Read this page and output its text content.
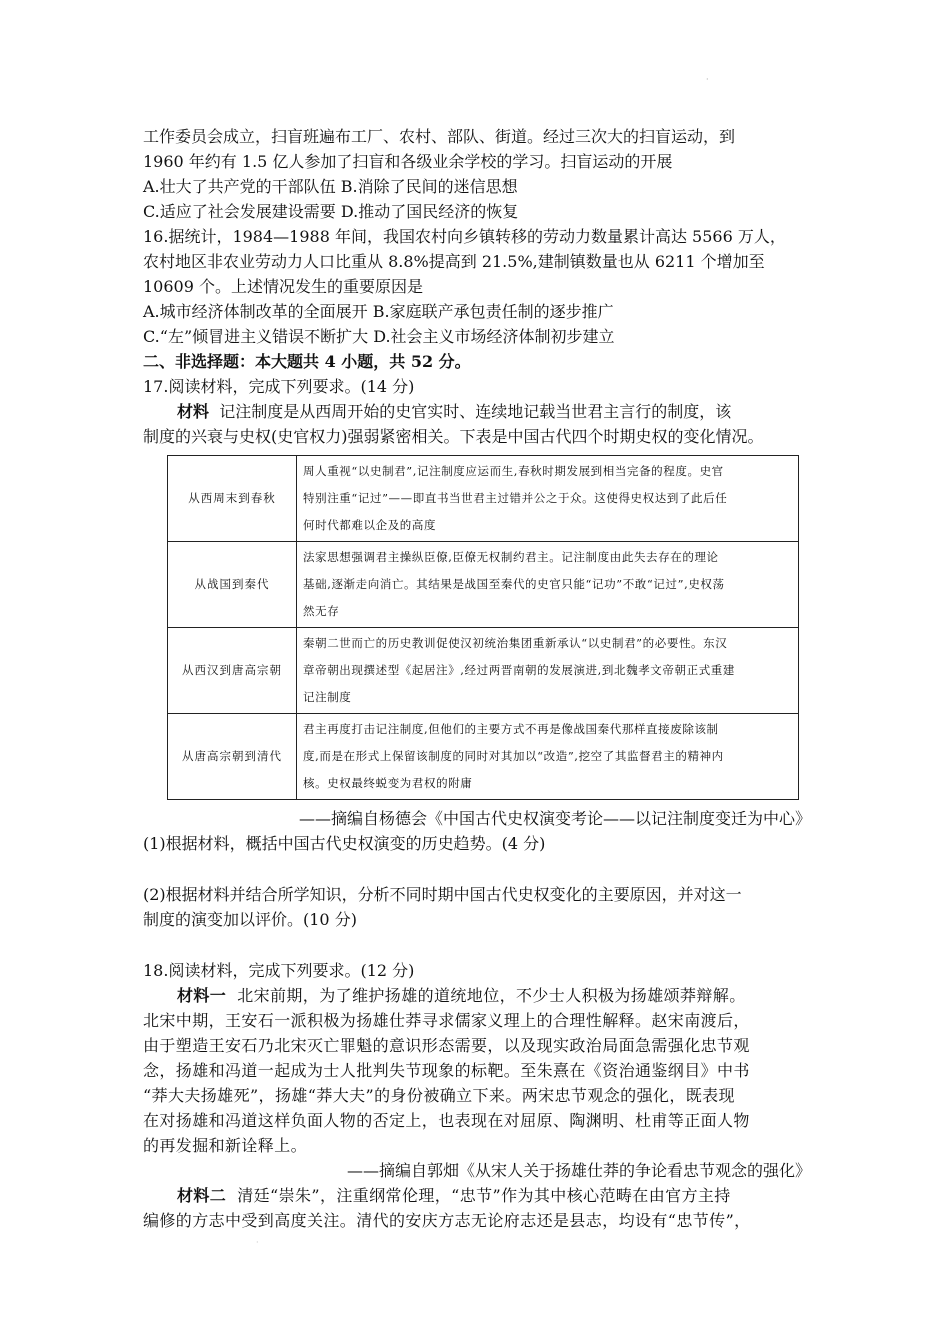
·
工作委员会成立，扫盲班遍布工厂、农村、部队、街道。经过三次大的扫盲运动，到
1960 年约有 1.5 亿人参加了扫盲和各级业余学校的学习。扫盲运动的开展
A.壮大了共产党的干部队伍 B.消除了民间的迷信思想
C.适应了社会发展建设需要 D.推动了国民经济的恢复
16.据统计，1984—1988 年间，我国农村向乡镇转移的劳动力数量累计高达 5566 万人，
农村地区非农业劳动力人口比重从 8.8%提高到 21.5%,建制镇数量也从 6211 个增加至
10609 个。上述情况发生的重要原因是
A.城市经济体制改革的全面展开 B.家庭联产承包责任制的逐步推广
C.“左”倾冒进主义错误不断扩大 D.社会主义市场经济体制初步建立
二、非选择题：本大题共 4 小题，共 52 分。
17.阅读材料，完成下列要求。(14 分)
材料 记注制度是从西周开始的史官实时、连续地记载当世君主言行的制度，该
制度的兴衰与史权(史官权力)强弱紧密相关。下表是中国古代四个时期史权的变化情况。
从西周末到春秋	周人重视“以史制君”,记注制度应运而生,春秋时期发展到相当完备的程度。史官
特别注重“记过”——即直书当世君主过错并公之于众。这使得史权达到了此后任
何时代都难以企及的高度

从战国到秦代	法家思想强调君主操纵臣僚,臣僚无权制约君主。记注制度由此失去存在的理论
基础,逐渐走向消亡。其结果是战国至秦代的史官只能“记功”不敢“记过”,史权荡
然无存

从西汉到唐高宗朝	秦朝二世而亡的历史教训促使汉初统治集团重新承认“以史制君”的必要性。东汉
章帝朝出现撰述型《起居注》,经过两晋南朝的发展演进,到北魏孝文帝朝正式重建
记注制度

从唐高宗朝到清代	君主再度打击记注制度,但他们的主要方式不再是像战国秦代那样直接废除该制
度,而是在形式上保留该制度的同时对其加以“改造”,挖空了其监督君主的精神内
核。史权最终蜕变为君权的附庸
——摘编自杨德会《中国古代史权演变考论——以记注制度变迁为中心》
(1)根据材料，概括中国古代史权演变的历史趋势。(4 分)
(2)根据材料并结合所学知识，分析不同时期中国古代史权变化的主要原因，并对这一
制度的演变加以评价。(10 分)
18.阅读材料，完成下列要求。(12 分)
材料一 北宋前期，为了维护扬雄的道统地位，不少士人积极为扬雄颂莽辩解。
北宋中期，王安石一派积极为扬雄仕莽寻求儒家义理上的合理性解释。赵宋南渡后，
由于塑造王安石乃北宋灭亡罪魁的意识形态需要，以及现实政治局面急需强化忠节观
念，扬雄和冯道一起成为士人批判失节现象的标靶。至朱熹在《资治通鉴纲目》中书
“莽大夫扬雄死”，扬雄“莽大夫”的身份被确立下来。两宋忠节观念的强化，既表现
在对扬雄和冯道这样负面人物的否定上，也表现在对屈原、陶渊明、杜甫等正面人物
的再发掘和新诠释上。
——摘编自郭畑《从宋人关于扬雄仕莽的争论看忠节观念的强化》
材料二 清廷“崇朱”，注重纲常伦理，“忠节”作为其中核心范畴在由官方主持
编修的方志中受到高度关注。清代的安庆方志无论府志还是县志，均设有“忠节传”，
·
